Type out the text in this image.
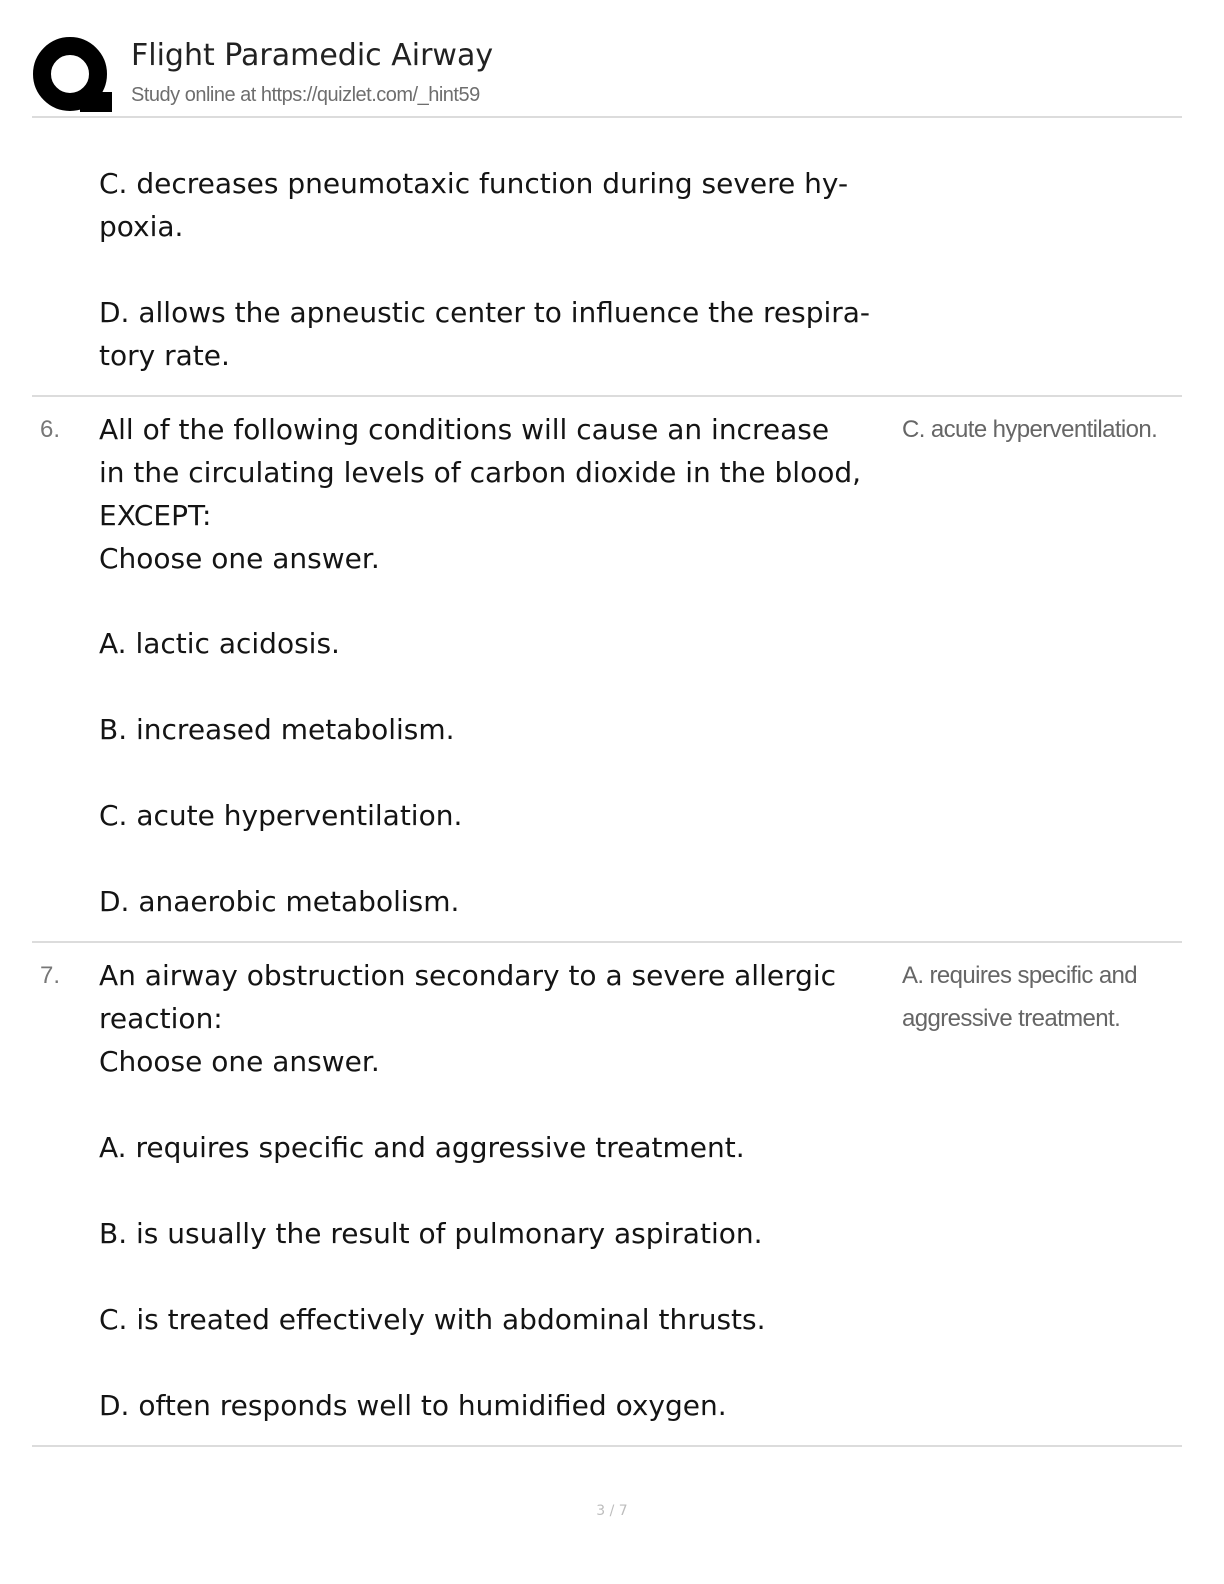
Flight Paramedic Airway
Study online at https://quizlet.com/_hint59
C. decreases pneumotaxic function during severe hy-
poxia.
D. allows the apneustic center to influence the respira-
tory rate.
6. All of the following conditions will cause an increase
in the circulating levels of carbon dioxide in the blood,
EXCEPT:
Choose one answer.
A. lactic acidosis.
B. increased metabolism.
C. acute hyperventilation.
D. anaerobic metabolism.
C. acute hyperventilation.
7. An airway obstruction secondary to a severe allergic
reaction:
Choose one answer.
A. requires specific and aggressive treatment.
B. is usually the result of pulmonary aspiration.
C. is treated effectively with abdominal thrusts.
D. often responds well to humidified oxygen.
A. requires specific and
aggressive treatment.
3 / 7
